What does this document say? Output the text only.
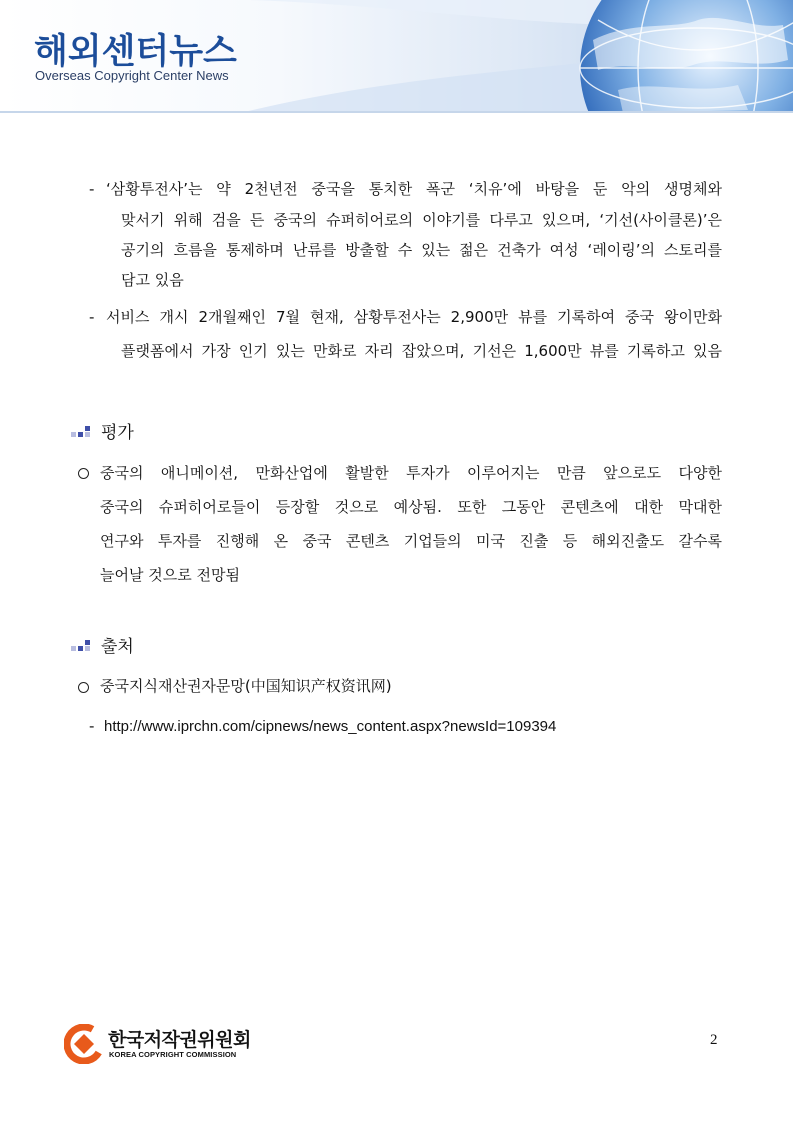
해외센터뉴스
Overseas Copyright Center News
- ‘삼황투전사’는 약 2천년전 중국을 통치한 폭군 ‘치유’에 바탕을 둔 악의 생명체와
맞서기 위해 검을 든 중국의 슈퍼히어로의 이야기를 다루고 있으며, ‘기선(사이클론)’은
공기의 흐름을 통제하며 난류를 방출할 수 있는 젊은 건축가 여성 ‘레이링’의 스토리를
담고 있음
- 서비스 개시 2개월째인 7월 현재, 삼황투전사는 2,900만 뷰를 기록하여 중국 왕이만화
플랫폼에서 가장 인기 있는 만화로 자리 잡았으며, 기선은 1,600만 뷰를 기록하고 있음
평가
중국의 애니메이션, 만화산업에 활발한 투자가 이루어지는 만큼 앞으로도 다양한
중국의 슈퍼히어로들이 등장할 것으로 예상됨. 또한 그동안 콘텐츠에 대한 막대한
연구와 투자를 진행해 온 중국 콘텐츠 기업들의 미국 진출 등 해외진출도 갈수록
늘어날 것으로 전망됨
출처
중국지식재산권자문망(中国知识产权资讯网)
- http://www.iprchn.com/cipnews/news_content.aspx?newsId=109394
한국저작권위원회
KOREA COPYRIGHT COMMISSION
2
